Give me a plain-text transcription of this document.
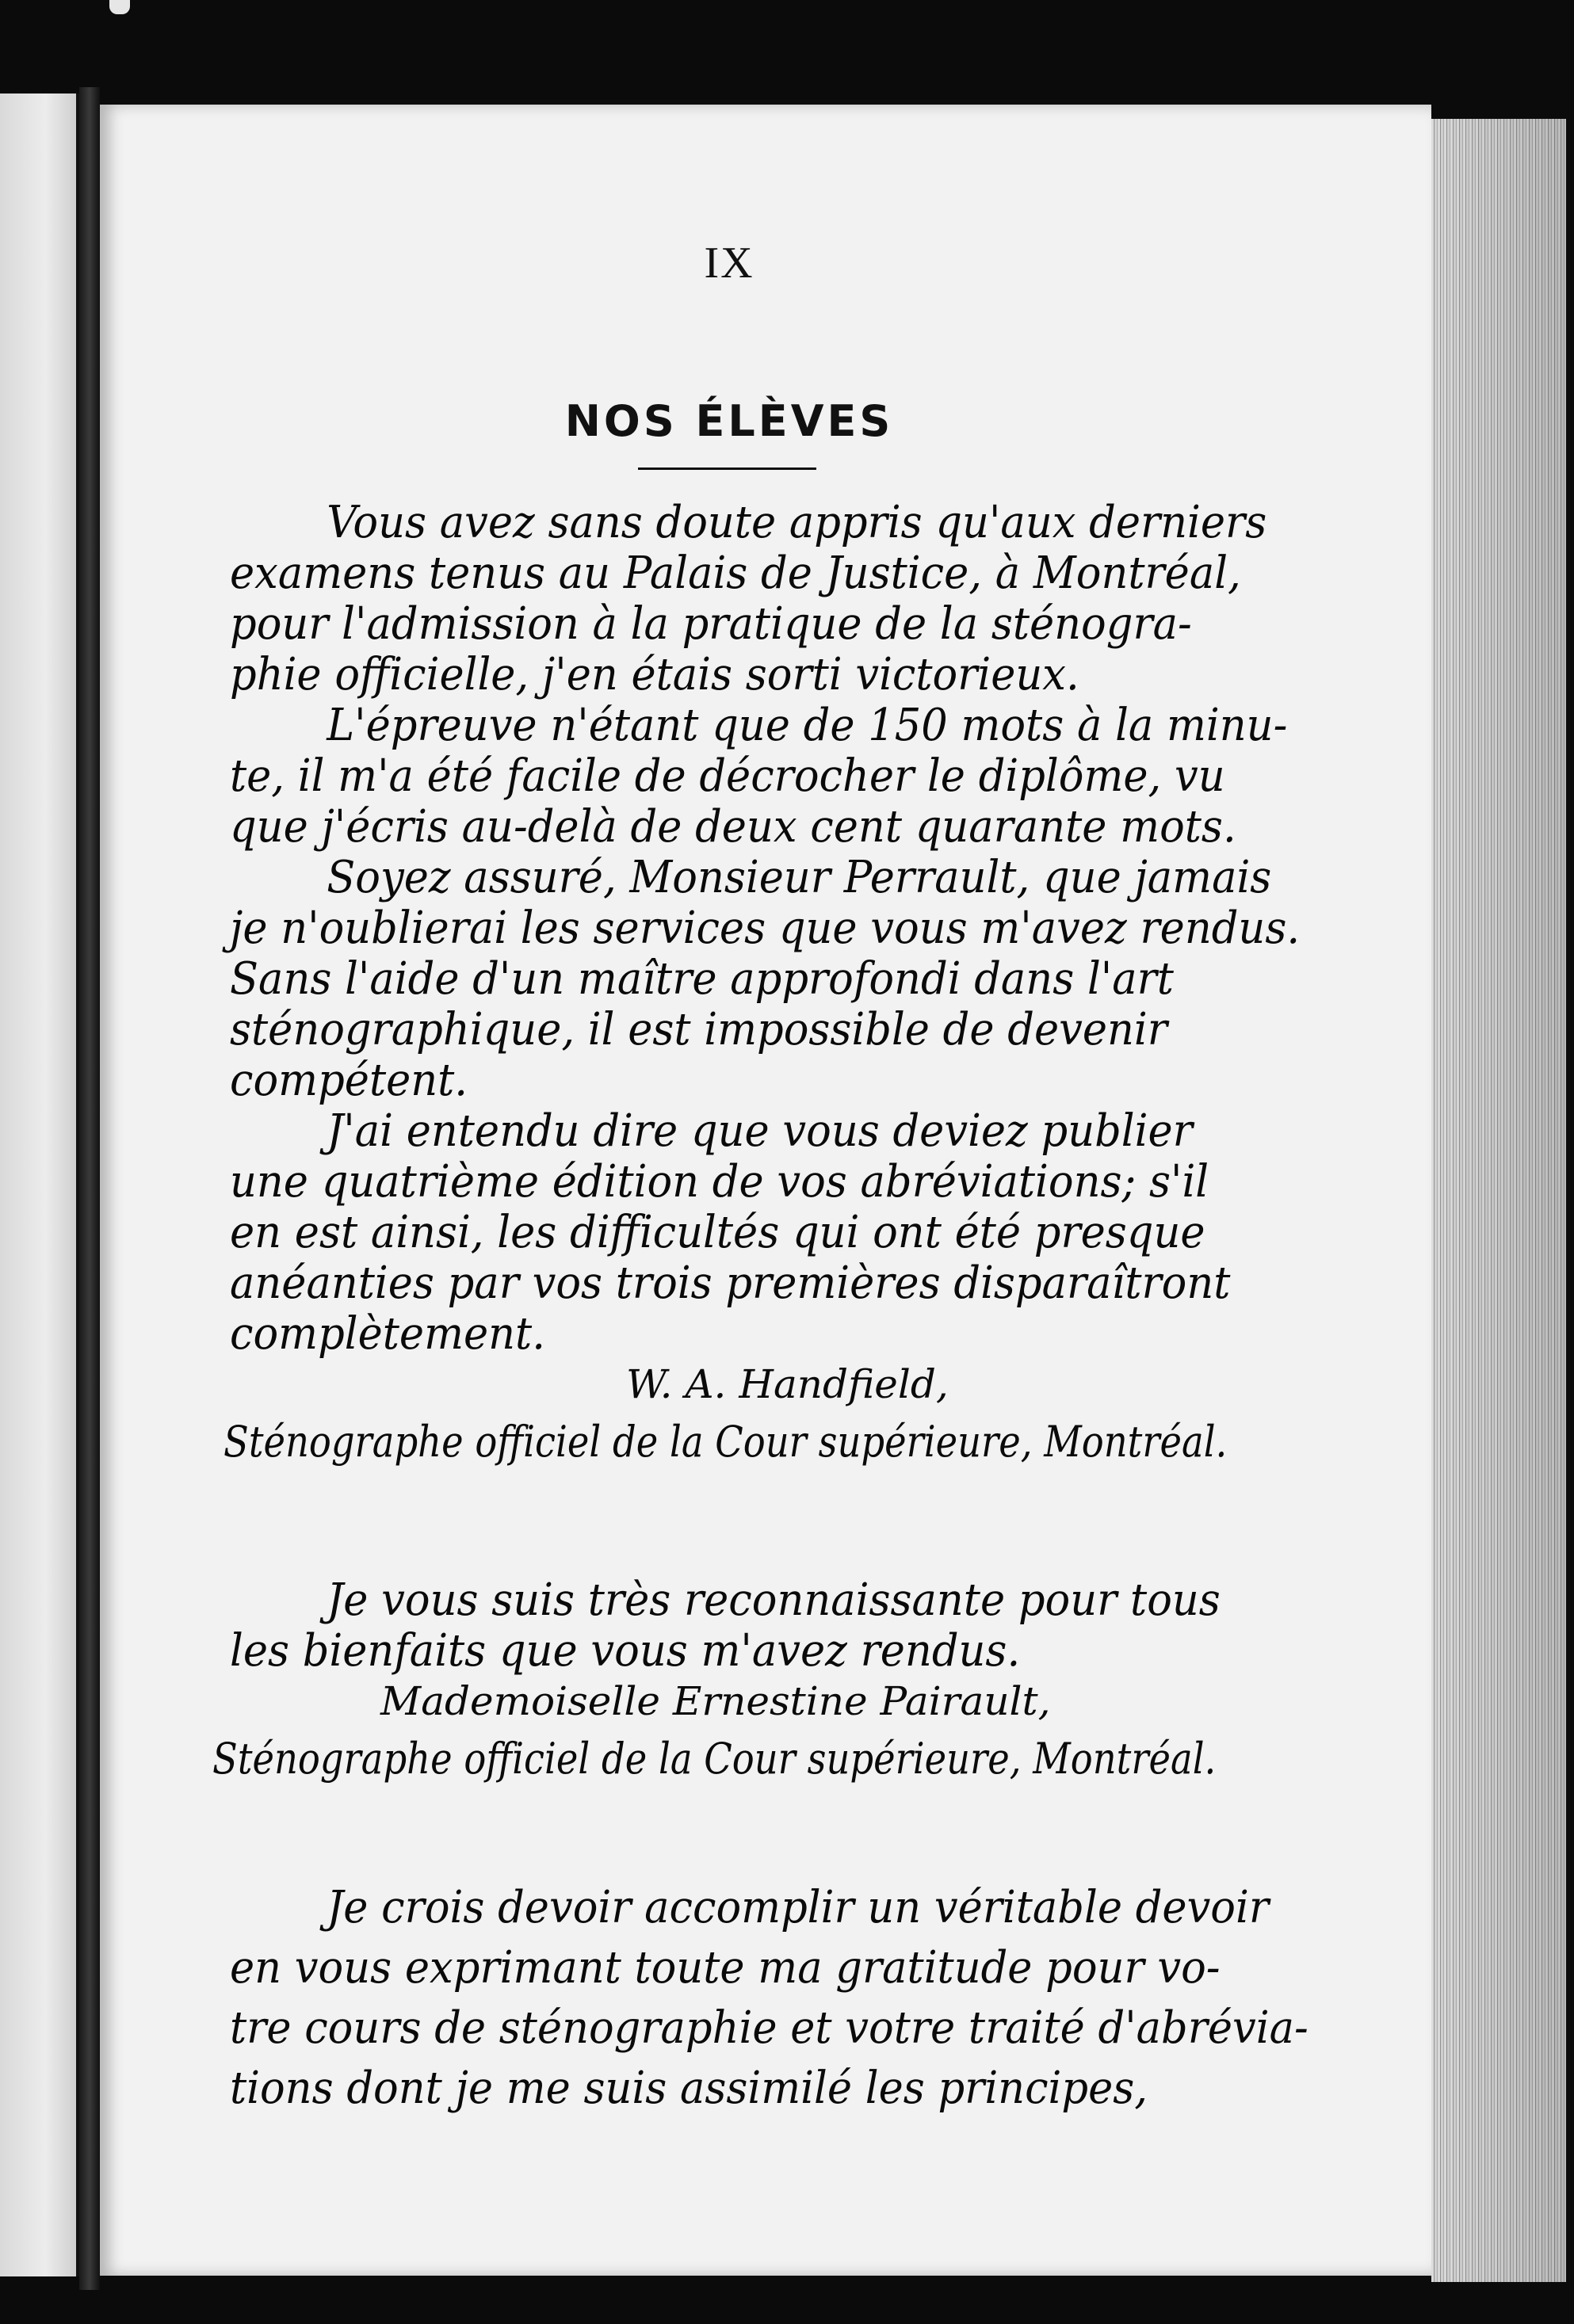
IX
NOS ÉLÈVES
Vous avez sans doute appris qu'aux derniers
examens tenus au Palais de Justice, à Montréal,
pour l'admission à la pratique de la sténogra-
phie officielle, j'en étais sorti victorieux.
L'épreuve n'étant que de 150 mots à la minu-
te, il m'a été facile de décrocher le diplôme, vu
que j'écris au-delà de deux cent quarante mots.
Soyez assuré, Monsieur Perrault, que jamais
je n'oublierai les services que vous m'avez rendus.
Sans l'aide d'un maître approfondi dans l'art
sténographique, il est impossible de devenir
compétent.
J'ai entendu dire que vous deviez publier
une quatrième édition de vos abréviations; s'il
en est ainsi, les difficultés qui ont été presque
anéanties par vos trois premières disparaîtront
complètement.
W. A. Handfield,
Sténographe officiel de la Cour supérieure, Montréal.
Je vous suis très reconnaissante pour tous
les bienfaits que vous m'avez rendus.
Mademoiselle Ernestine Pairault,
Sténographe officiel de la Cour supérieure, Montréal.
Je crois devoir accomplir un véritable devoir
en vous exprimant toute ma gratitude pour vo-
tre cours de sténographie et votre traité d'abrévia-
tions dont je me suis assimilé les principes,
